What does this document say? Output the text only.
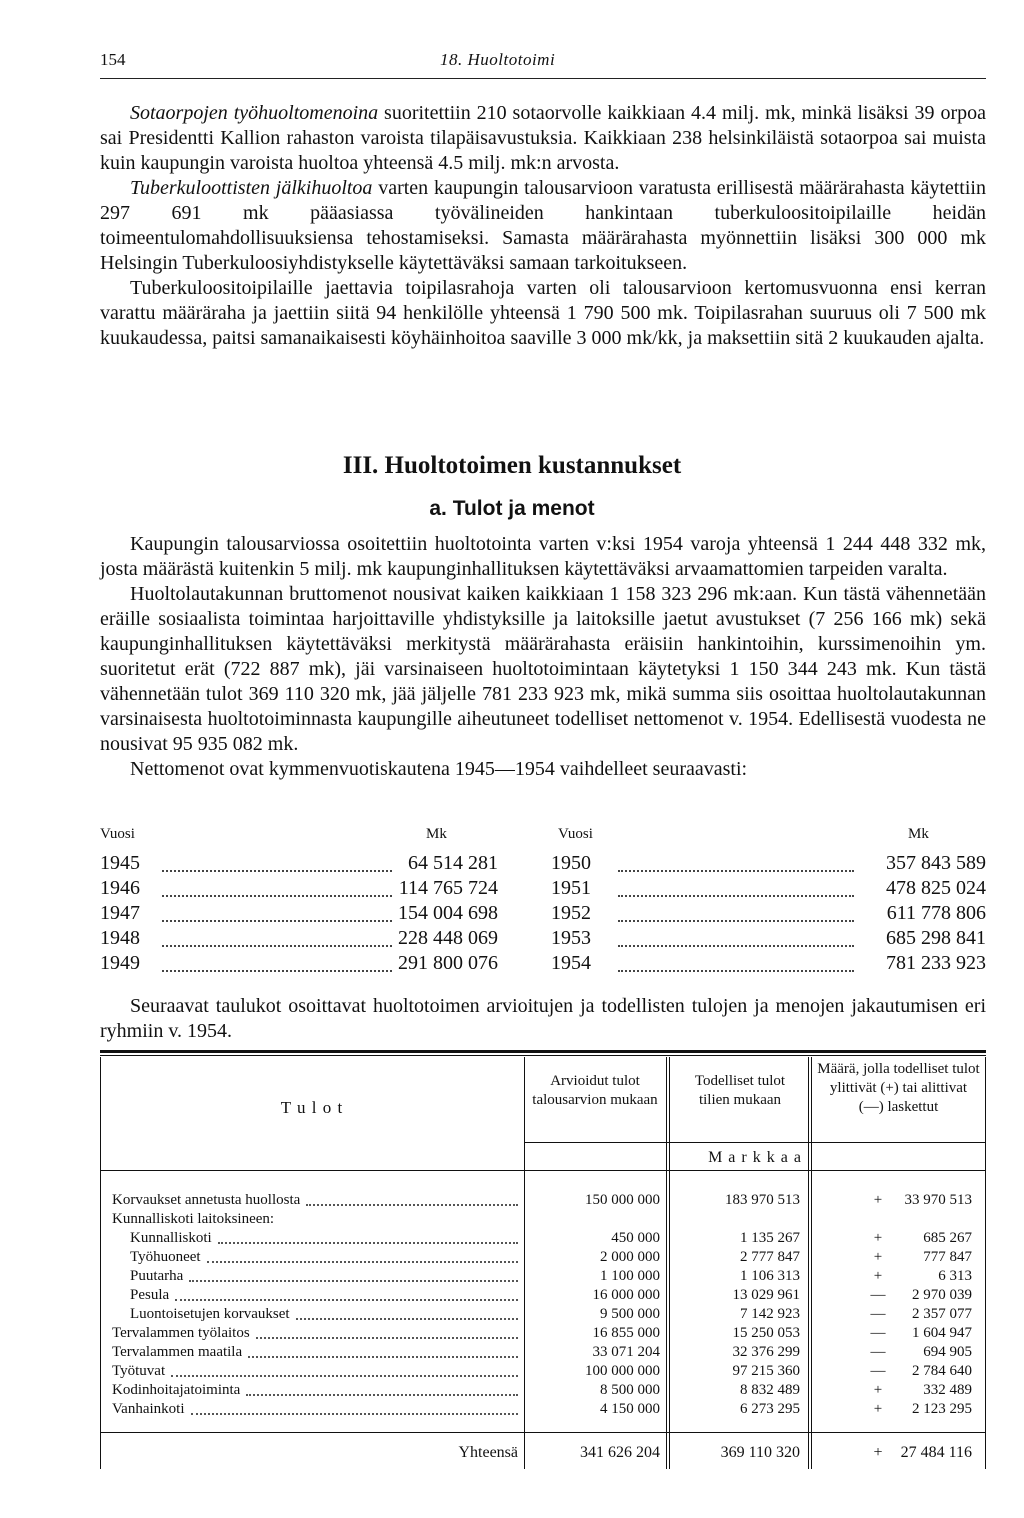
154	18. Huoltotoimi

Sotaorpojen työhuoltomenoina suoritettiin 210 sotaorvolle kaikkiaan 4.4 milj. mk, minkä lisäksi 39 orpoa sai Presidentti Kallion rahaston varoista tilapäisavustuksia. Kaikkiaan 238 helsinkiläistä sotaorpoa sai muista kuin kaupungin varoista huoltoa yhteensä 4.5 milj. mk:n arvosta.

Tuberkuloottisten jälkihuoltoa varten kaupungin talousarvioon varatusta erillisestä määrärahasta käytettiin 297 691 mk pääasiassa työvälineiden hankintaan tuberkuloositoipilaille heidän toimeentulomahdollisuuksiensa tehostamiseksi. Samasta määrärahasta myönnettiin lisäksi 300 000 mk Helsingin Tuberkuloosiyhdistykselle käytettäväksi samaan tarkoitukseen.

Tuberkuloositoipilaille jaettavia toipilasrahoja varten oli talousarvioon kertomusvuonna ensi kerran varattu määräraha ja jaettiin siitä 94 henkilölle yhteensä 1 790 500 mk. Toipilasrahan suuruus oli 7 500 mk kuukaudessa, paitsi samanaikaisesti köyhäinhoitoa saaville 3 000 mk/kk, ja maksettiin sitä 2 kuukauden ajalta.

III. Huoltotoimen kustannukset
a. Tulot ja menot

Kaupungin talousarviossa osoitettiin huoltotointa varten v:ksi 1954 varoja yhteensä 1 244 448 332 mk, josta määrästä kuitenkin 5 milj. mk kaupunginhallituksen käytettäväksi arvaamattomien tarpeiden varalta.

Huoltolautakunnan bruttomenot nousivat kaiken kaikkiaan 1 158 323 296 mk:aan. Kun tästä vähennetään eräille sosiaalista toimintaa harjoittaville yhdistyksille ja laitoksille jaetut avustukset (7 256 166 mk) sekä kaupunginhallituksen käytettäväksi merkitystä määrärahasta eräisiin hankintoihin, kurssimenoihin ym. suoritetut erät (722 887 mk), jäi varsinaiseen huoltotoimintaan käytetyksi 1 150 344 243 mk. Kun tästä vähennetään tulot 369 110 320 mk, jää jäljelle 781 233 923 mk, mikä summa siis osoittaa huoltolautakunnan varsinaisesta huoltotoiminnasta kaupungille aiheutuneet todelliset nettomenot v. 1954. Edellisestä vuodesta ne nousivat 95 935 082 mk.

Nettomenot ovat kymmenvuotiskautena 1945—1954 vaihdelleet seuraavasti:

Vuosi	Mk	Vuosi	Mk
1945	64 514 281	1950	357 843 589
1946	114 765 724	1951	478 825 024
1947	154 004 698	1952	611 778 806
1948	228 448 069	1953	685 298 841
1949	291 800 076	1954	781 233 923

Seuraavat taulukot osoittavat huoltotoimen arvioitujen ja todellisten tulojen ja menojen jakautumisen eri ryhmiin v. 1954.

T u l o t
Arvioidut tulot talousarvion mukaan
Todelliset tulot tilien mukaan
Määrä, jolla todelliset tulot ylittivät (+) tai alittivat (—) laskettut
M a r k k a a
Korvaukset annetusta huollosta	150 000 000	183 970 513	+	33 970 513
Kunnalliskoti laitoksineen:
Kunnalliskoti	450 000	1 135 267	+	685 267
Työhuoneet	2 000 000	2 777 847	+	777 847
Puutarha	1 100 000	1 106 313	+	6 313
Pesula	16 000 000	13 029 961	—	2 970 039
Luontoisetujen korvaukset	9 500 000	7 142 923	—	2 357 077
Tervalammen työlaitos	16 855 000	15 250 053	—	1 604 947
Tervalammen maatila	33 071 204	32 376 299	—	694 905
Työtuvat	100 000 000	97 215 360	—	2 784 640
Kodinhoitajatoiminta	8 500 000	8 832 489	+	332 489
Vanhainkoti	4 150 000	6 273 295	+	2 123 295
Yhteensä	341 626 204	369 110 320	+	27 484 116
